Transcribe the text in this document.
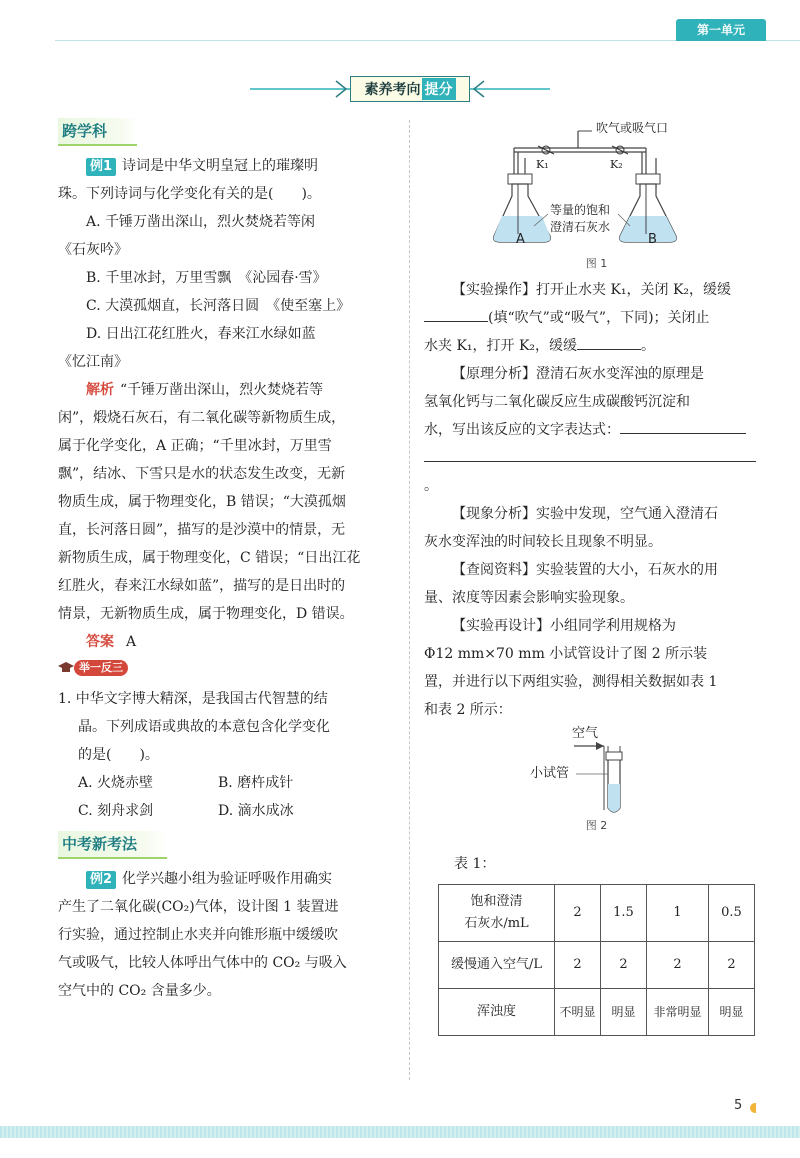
第一单元
素养考向 提分
跨学科
例1 诗词是中华文明皇冠上的璀璨明
珠。下列诗词与化学变化有关的是(　　)。
A. 千锤万凿出深山，烈火焚烧若等闲
《石灰吟》
B. 千里冰封，万里雪飘　《沁园春·雪》
C. 大漠孤烟直，长河落日圆　《使至塞上》
D. 日出江花红胜火，春来江水绿如蓝
《忆江南》
解析 “千锤万凿出深山，烈火焚烧若等
闲”，煅烧石灰石，有二氧化碳等新物质生成，
属于化学变化，A 正确；“千里冰封，万里雪
飘”，结冰、下雪只是水的状态发生改变，无新
物质生成，属于物理变化，B 错误；“大漠孤烟
直，长河落日圆”，描写的是沙漠中的情景，无
新物质生成，属于物理变化，C 错误；“日出江花
红胜火，春来江水绿如蓝”，描写的是日出时的
情景，无新物质生成，属于物理变化，D 错误。
答案 A
举一反三
1. 中华文字博大精深，是我国古代智慧的结
晶。下列成语或典故的本意包含化学变化
的是(　　)。
A. 火烧赤壁	B. 磨杵成针
C. 刻舟求剑	D. 滴水成冰
中考新考法
例2 化学兴趣小组为验证呼吸作用确实
产生了二氧化碳(CO₂)气体，设计图 1 装置进
行实验，通过控制止水夹并向锥形瓶中缓缓吹
气或吸气，比较人体呼出气体中的 CO₂ 与吸入
空气中的 CO₂ 含量多少。
吹气或吸气口
K₁	K₂
等量的饱和
澄清石灰水
A	B
图 1
【实验操作】打开止水夹 K₁，关闭 K₂，缓缓
(填“吹气”或“吸气”，下同)；关闭止
水夹 K₁，打开 K₂，缓缓	。
【原理分析】澄清石灰水变浑浊的原理是
氢氧化钙与二氧化碳反应生成碳酸钙沉淀和
水，写出该反应的文字表达式：
。
【现象分析】实验中发现，空气通入澄清石
灰水变浑浊的时间较长且现象不明显。
【查阅资料】实验装置的大小，石灰水的用
量、浓度等因素会影响实验现象。
【实验再设计】小组同学利用规格为
Φ12 mm×70 mm 小试管设计了图 2 所示装
置，并进行以下两组实验，测得相关数据如表 1
和表 2 所示：
空气
小试管
图 2
表 1：
饱和澄清
石灰水/mL	2	1.5	1	0.5
缓慢通入空气/L	2	2	2	2
浑浊度	不明显	明显	非常明显	明显
5
